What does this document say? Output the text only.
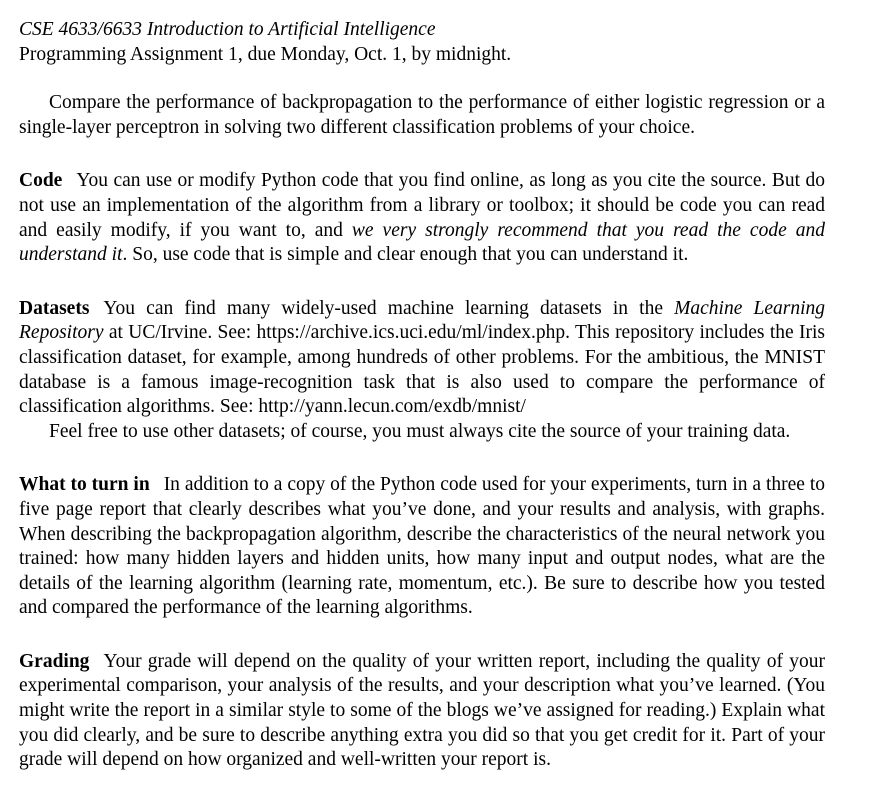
CSE 4633/6633 Introduction to Artificial Intelligence
Programming Assignment 1, due Monday, Oct. 1, by midnight.

Compare the performance of backpropagation to the performance of either logistic regression or a single-layer perceptron in solving two different classification problems of your choice.

Code You can use or modify Python code that you find online, as long as you cite the source. But do not use an implementation of the algorithm from a library or toolbox; it should be code you can read and easily modify, if you want to, and we very strongly recommend that you read the code and understand it. So, use code that is simple and clear enough that you can understand it.

Datasets You can find many widely-used machine learning datasets in the Machine Learning Repository at UC/Irvine. See: https://archive.ics.uci.edu/ml/index.php. This repository includes the Iris classification dataset, for example, among hundreds of other problems. For the ambitious, the MNIST database is a famous image-recognition task that is also used to compare the performance of classification algorithms. See: http://yann.lecun.com/exdb/mnist/

Feel free to use other datasets; of course, you must always cite the source of your training data.

What to turn in In addition to a copy of the Python code used for your experiments, turn in a three to five page report that clearly describes what you’ve done, and your results and analysis, with graphs. When describing the backpropagation algorithm, describe the characteristics of the neural network you trained: how many hidden layers and hidden units, how many input and output nodes, what are the details of the learning algorithm (learning rate, momentum, etc.). Be sure to describe how you tested and compared the performance of the learning algorithms.

Grading Your grade will depend on the quality of your written report, including the quality of your experimental comparison, your analysis of the results, and your description what you’ve learned. (You might write the report in a similar style to some of the blogs we’ve assigned for reading.) Explain what you did clearly, and be sure to describe anything extra you did so that you get credit for it. Part of your grade will depend on how organized and well-written your report is.
